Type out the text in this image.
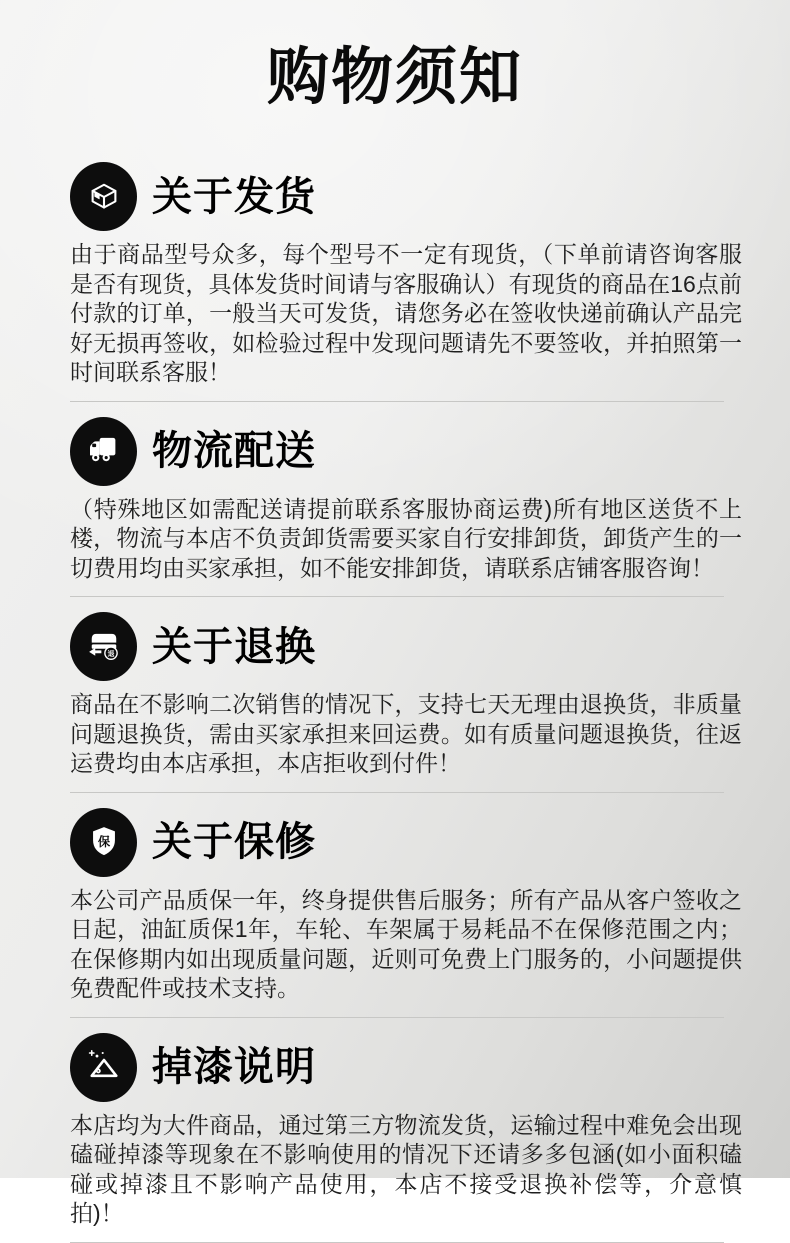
购物须知
关于发货

由于商品型号众多，每个型号不一定有现货，（下单前请咨询客服是否有现货，具体发货时间请与客服确认）有现货的商品在16点前付款的订单，一般当天可发货，请您务必在签收快递前确认产品完好无损再签收，如检验过程中发现问题请先不要签收，并拍照第一时间联系客服！

物流配送

（特殊地区如需配送请提前联系客服协商运费)所有地区送货不上楼，物流与本店不负责卸货需要买家自行安排卸货，卸货产生的一切费用均由买家承担，如不能安排卸货，请联系店铺客服咨询！

退 关于退换

商品在不影响二次销售的情况下，支持七天无理由退换货，非质量问题退换货，需由买家承担来回运费。如有质量问题退换货，往返运费均由本店承担，本店拒收到付件！

保 关于保修

本公司产品质保一年，终身提供售后服务；所有产品从客户签收之日起，油缸质保1年，车轮、车架属于易耗品不在保修范围之内；在保修期内如出现质量问题，近则可免费上门服务的，小问题提供免费配件或技术支持。

掉漆说明

本店均为大件商品，通过第三方物流发货，运输过程中难免会出现磕碰掉漆等现象在不影响使用的情况下还请多多包涵(如小面积磕碰或掉漆且不影响产品使用，本店不接受退换补偿等，介意慎拍)！
